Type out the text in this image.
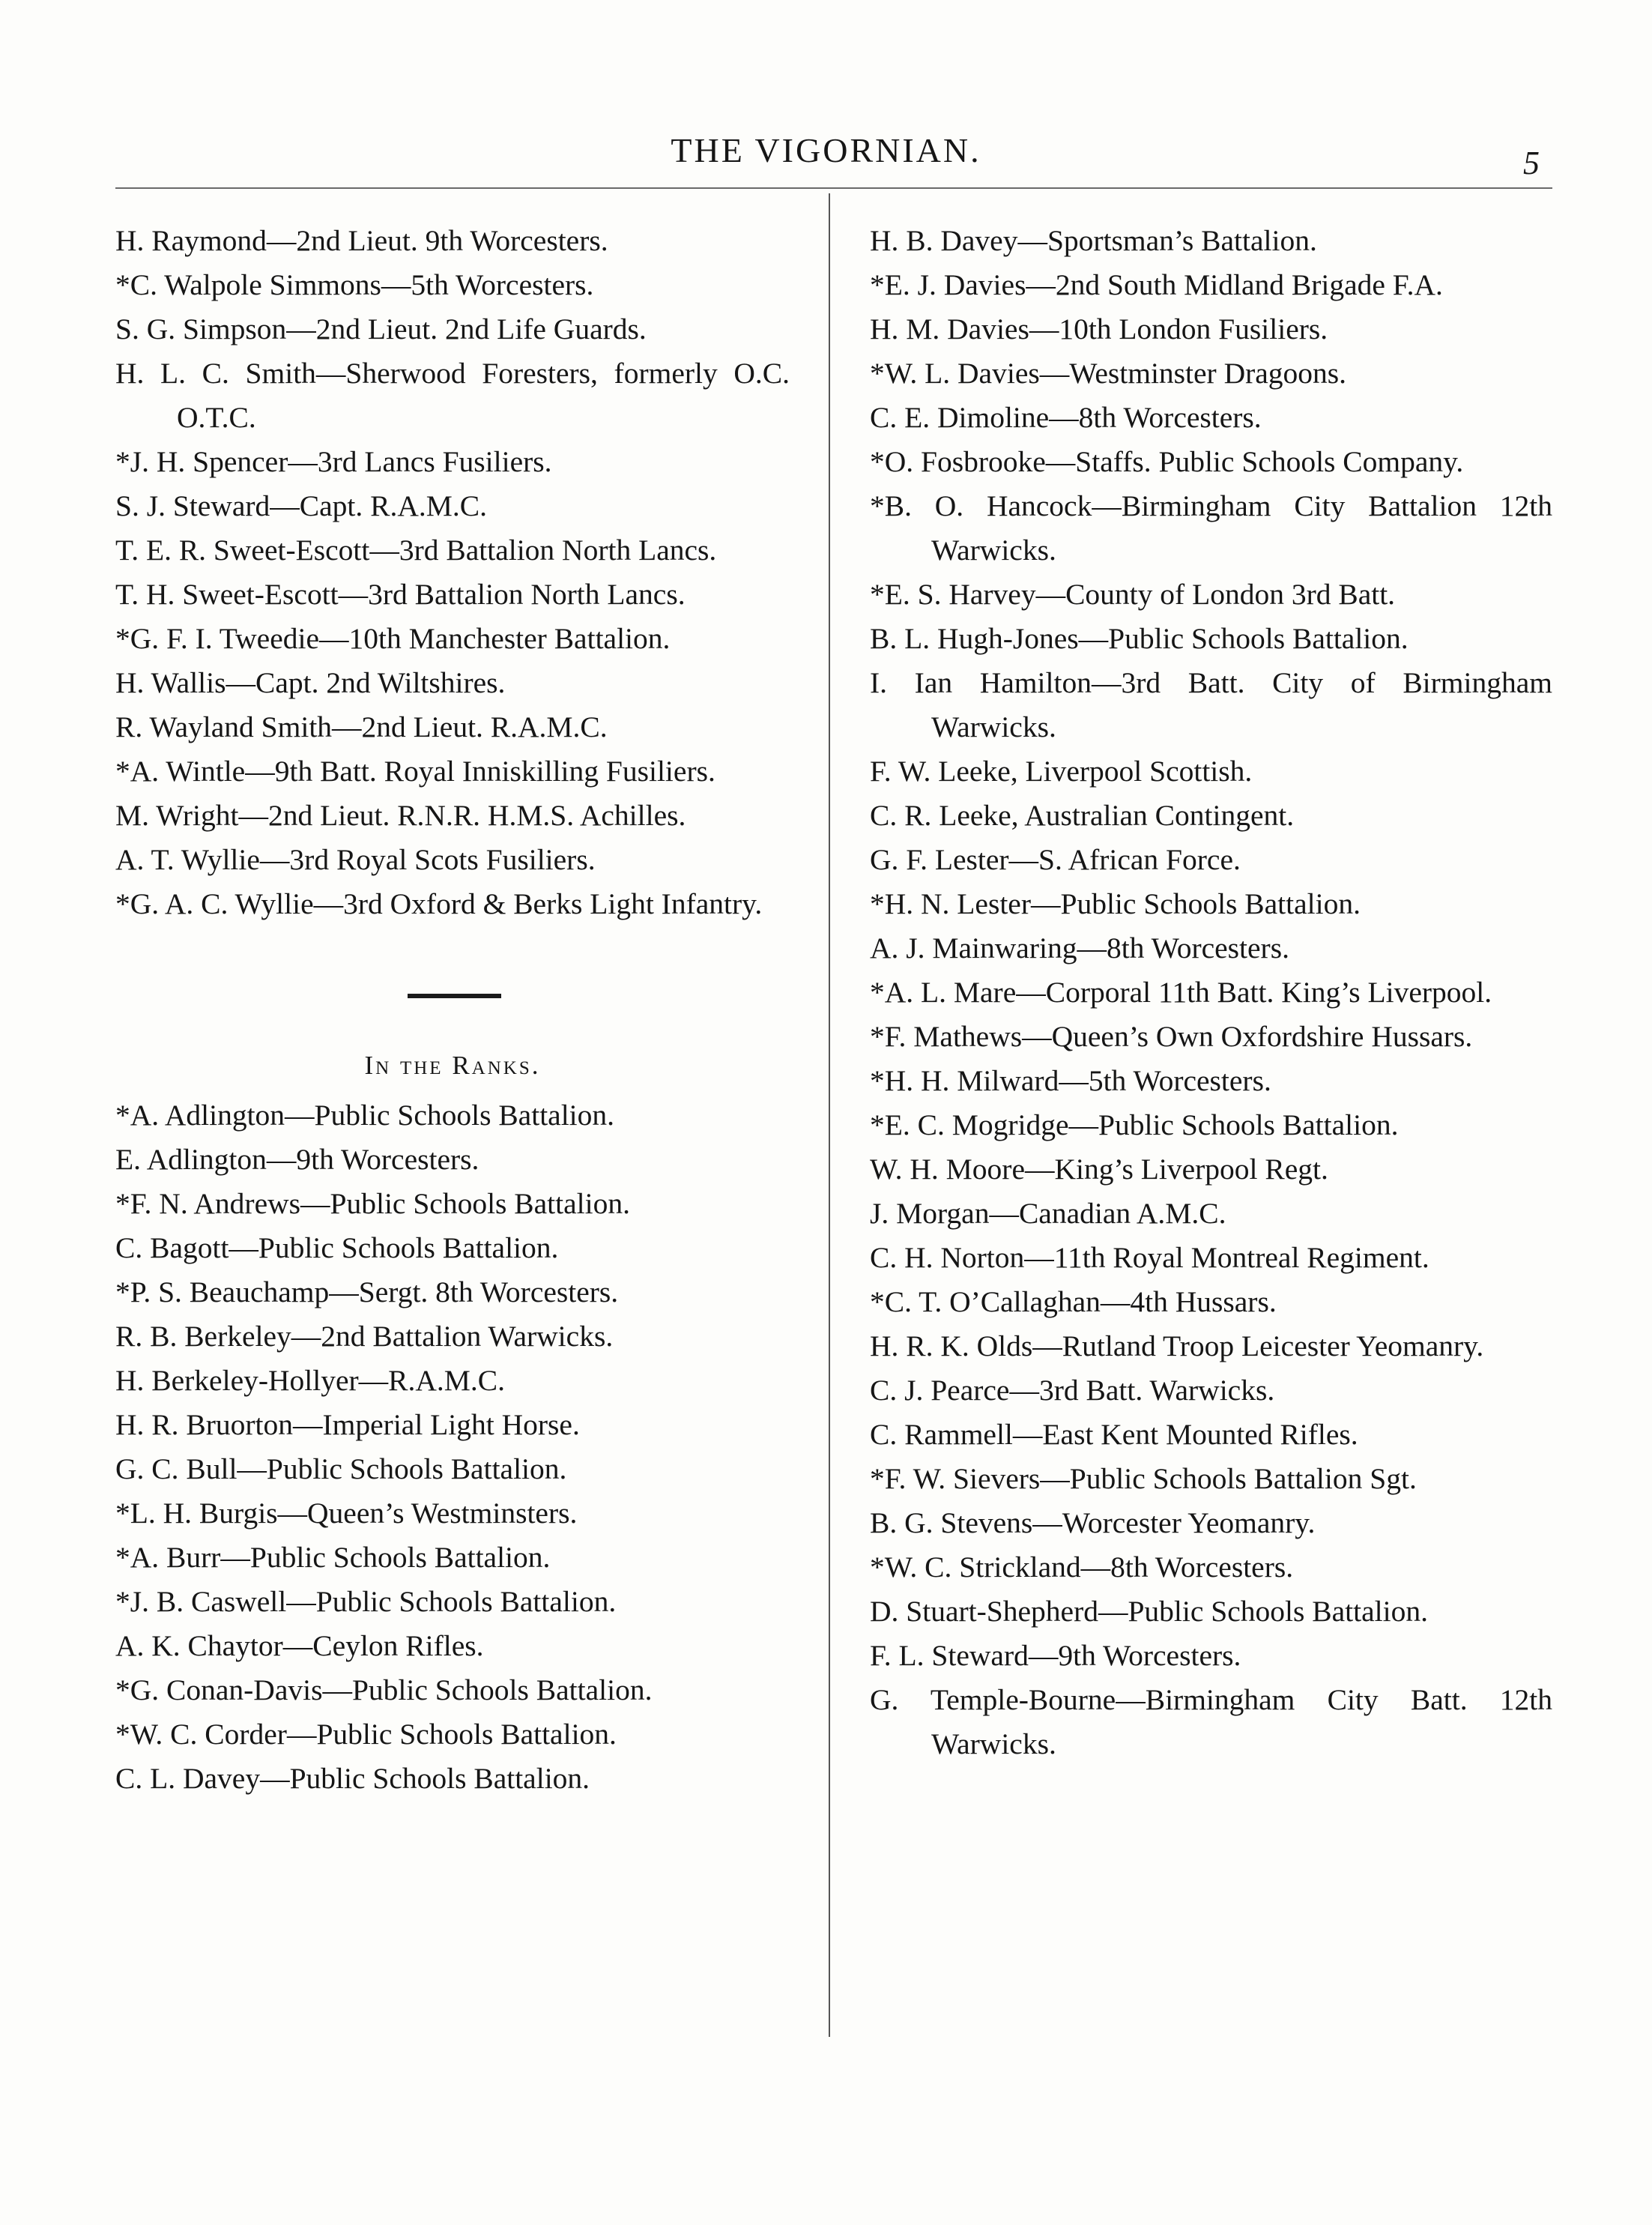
THE VIGORNIAN.	5
H. Raymond—2nd Lieut. 9th Worcesters.
*C. Walpole Simmons—5th Worcesters.
S. G. Simpson—2nd Lieut. 2nd Life Guards.
H. L. C. Smith—Sherwood Foresters, formerly O.C. O.T.C.
*J. H. Spencer—3rd Lancs Fusiliers.
S. J. Steward—Capt. R.A.M.C.
T. E. R. Sweet-Escott—3rd Battalion North Lancs.
T. H. Sweet-Escott—3rd Battalion North Lancs.
*G. F. I. Tweedie—10th Manchester Battalion.
H. Wallis—Capt. 2nd Wiltshires.
R. Wayland Smith—2nd Lieut. R.A.M.C.
*A. Wintle—9th Batt. Royal Inniskilling Fusiliers.
M. Wright—2nd Lieut. R.N.R. H.M.S. Achilles.
A. T. Wyllie—3rd Royal Scots Fusiliers.
*G. A. C. Wyllie—3rd Oxford & Berks Light Infantry.
In the Ranks.
*A. Adlington—Public Schools Battalion.
E. Adlington—9th Worcesters.
*F. N. Andrews—Public Schools Battalion.
C. Bagott—Public Schools Battalion.
*P. S. Beauchamp—Sergt. 8th Worcesters.
R. B. Berkeley—2nd Battalion Warwicks.
H. Berkeley-Hollyer—R.A.M.C.
H. R. Bruorton—Imperial Light Horse.
G. C. Bull—Public Schools Battalion.
*L. H. Burgis—Queen’s Westminsters.
*A. Burr—Public Schools Battalion.
*J. B. Caswell—Public Schools Battalion.
A. K. Chaytor—Ceylon Rifles.
*G. Conan-Davis—Public Schools Battalion.
*W. C. Corder—Public Schools Battalion.
C. L. Davey—Public Schools Battalion.
H. B. Davey—Sportsman’s Battalion.
*E. J. Davies—2nd South Midland Brigade F.A.
H. M. Davies—10th London Fusiliers.
*W. L. Davies—Westminster Dragoons.
C. E. Dimoline—8th Worcesters.
*O. Fosbrooke—Staffs. Public Schools Company.
*B. O. Hancock—Birmingham City Battalion 12th Warwicks.
*E. S. Harvey—County of London 3rd Batt.
B. L. Hugh-Jones—Public Schools Battalion.
I. Ian Hamilton—3rd Batt. City of Birmingham Warwicks.
F. W. Leeke, Liverpool Scottish.
C. R. Leeke, Australian Contingent.
G. F. Lester—S. African Force.
*H. N. Lester—Public Schools Battalion.
A. J. Mainwaring—8th Worcesters.
*A. L. Mare—Corporal 11th Batt. King’s Liverpool.
*F. Mathews—Queen’s Own Oxfordshire Hussars.
*H. H. Milward—5th Worcesters.
*E. C. Mogridge—Public Schools Battalion.
W. H. Moore—King’s Liverpool Regt.
J. Morgan—Canadian A.M.C.
C. H. Norton—11th Royal Montreal Regiment.
*C. T. O’Callaghan—4th Hussars.
H. R. K. Olds—Rutland Troop Leicester Yeomanry.
C. J. Pearce—3rd Batt. Warwicks.
C. Rammell—East Kent Mounted Rifles.
*F. W. Sievers—Public Schools Battalion Sgt.
B. G. Stevens—Worcester Yeomanry.
*W. C. Strickland—8th Worcesters.
D. Stuart-Shepherd—Public Schools Battalion.
F. L. Steward—9th Worcesters.
G. Temple-Bourne—Birmingham City Batt. 12th Warwicks.
